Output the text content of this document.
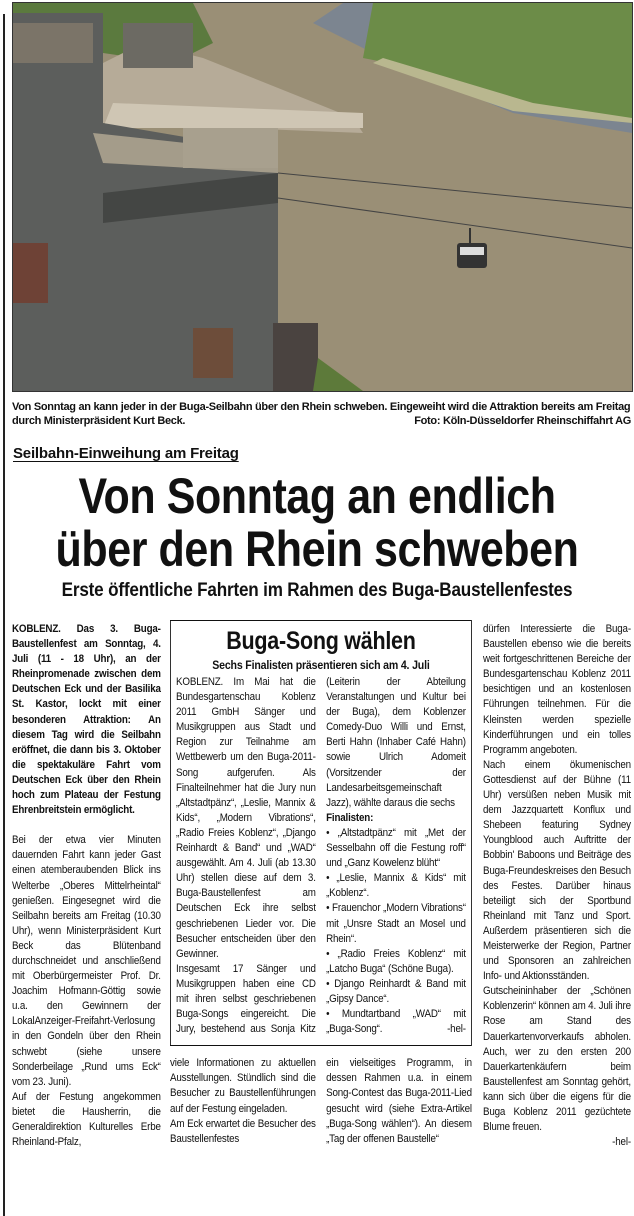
Von Sonntag an kann jeder in der Buga-Seilbahn über den Rhein schweben. Eingeweiht wird die Attraktion bereits am Freitag durch Ministerpräsident Kurt Beck.	Foto: Köln-Düsseldorfer Rheinschiffahrt AG
Seilbahn-Einweihung am Freitag
Von Sonntag an endlich
über den Rhein schweben
Erste öffentliche Fahrten im Rahmen des Buga-Baustellenfestes

KOBLENZ. Das 3. Buga-Baustellenfest am Sonntag, 4. Juli (11 - 18 Uhr), an der Rheinpromenade zwischen dem Deutschen Eck und der Basilika St. Kastor, lockt mit einer besonderen Attraktion: An diesem Tag wird die Seilbahn eröffnet, die dann bis 3. Oktober die spektakuläre Fahrt vom Deutschen Eck über den Rhein hoch zum Plateau der Festung Ehrenbreitstein ermöglicht.

Bei der etwa vier Minuten dauernden Fahrt kann jeder Gast einen atemberaubenden Blick ins Welterbe „Oberes Mittelrheintal“ genießen. Eingesegnet wird die Seilbahn bereits am Freitag (10.30 Uhr), wenn Ministerpräsident Kurt Beck das Blütenband durchschneidet und anschließend mit Oberbürgermeister Prof. Dr. Joachim Hofmann-Göttig sowie u.a. den Gewinnern der LokalAnzeiger-Freifahrt-Verlosung in den Gondeln über den Rhein schwebt (siehe unsere Sonderbeilage „Rund ums Eck“ vom 23. Juni).

Auf der Festung angekommen bietet die Hausherrin, die Generaldirektion Kulturelles Erbe Rheinland-Pfalz,

Buga-Song wählen
Sechs Finalisten präsentieren sich am 4. Juli

KOBLENZ. Im Mai hat die Bundesgartenschau Koblenz 2011 GmbH Sänger und Musikgruppen aus Stadt und Region zur Teilnahme am Wettbewerb um den Buga-2011-Song aufgerufen. Als Finalteilnehmer hat die Jury nun „Altstadtpänz“, „Leslie, Mannix & Kids“, „Modern Vibrations“, „Radio Freies Koblenz“, „Django Reinhardt & Band“ und „WAD“ ausgewählt. Am 4. Juli (ab 13.30 Uhr) stellen diese auf dem 3. Buga-Baustellenfest am Deutschen Eck ihre selbst geschriebenen Lieder vor. Die Besucher entscheiden über den Gewinner.

Insgesamt 17 Sänger und Musikgruppen haben eine CD mit ihren selbst geschriebenen Buga-Songs eingereicht. Die Jury, bestehend aus Sonja Kitz (Leiterin der Abteilung Veranstaltungen und Kultur bei der Buga), dem Koblenzer Comedy-Duo Willi und Ernst, Berti Hahn (Inhaber Café Hahn) sowie Ulrich Adomeit (Vorsitzender der Landesarbeitsgemeinschaft Jazz), wählte daraus die sechs

Finalisten:

• „Altstadtpänz“ mit „Met der Sesselbahn off die Festung roff“ und „Ganz Kowelenz blüht“

• „Leslie, Mannix & Kids“ mit „Koblenz“.

• Frauenchor „Modern Vibrations“ mit „Unsre Stadt an Mosel und Rhein“.

• „Radio Freies Koblenz“ mit „Latcho Buga“ (Schöne Buga).

• Django Reinhardt & Band mit „Gipsy Dance“.

• Mundtartband „WAD“ mit „Buga-Song“.	-hel-

viele Informationen zu aktuellen Ausstellungen. Stündlich sind die Besucher zu Baustellenführungen auf der Festung eingeladen.

Am Eck erwartet die Besucher des Baustellenfestes

ein vielseitiges Programm, in dessen Rahmen u.a. in einem Song-Contest das Buga-2011-Lied gesucht wird (siehe Extra-Artikel „Buga-Song wählen“). An diesem „Tag der offenen Baustelle“

dürfen Interessierte die Buga-Baustellen ebenso wie die bereits weit fortgeschrittenen Bereiche der Bundesgartenschau Koblenz 2011 besichtigen und an kostenlosen Führungen teilnehmen. Für die Kleinsten werden spezielle Kinderführungen und ein tolles Programm angeboten.

Nach einem ökumenischen Gottesdienst auf der Bühne (11 Uhr) versüßen neben Musik mit dem Jazzquartett Konflux und Shebeen featuring Sydney Youngblood auch Auftritte der Bobbin' Baboons und Beiträge des Buga-Freundeskreises den Besuch des Festes. Darüber hinaus beteiligt sich der Sportbund Rheinland mit Tanz und Sport. Außerdem präsentieren sich die Meisterwerke der Region, Partner und Sponsoren an zahlreichen Info- und Aktionsständen.

Gutscheininhaber der „Schönen Koblenzerin“ können am 4. Juli ihre Rose am Stand des Dauerkartenvorverkaufs abholen. Auch, wer zu den ersten 200 Dauerkartenkäufern beim Baustellenfest am Sonntag gehört, kann sich über die eigens für die Buga Koblenz 2011 gezüchtete Blume freuen.

-hel-
